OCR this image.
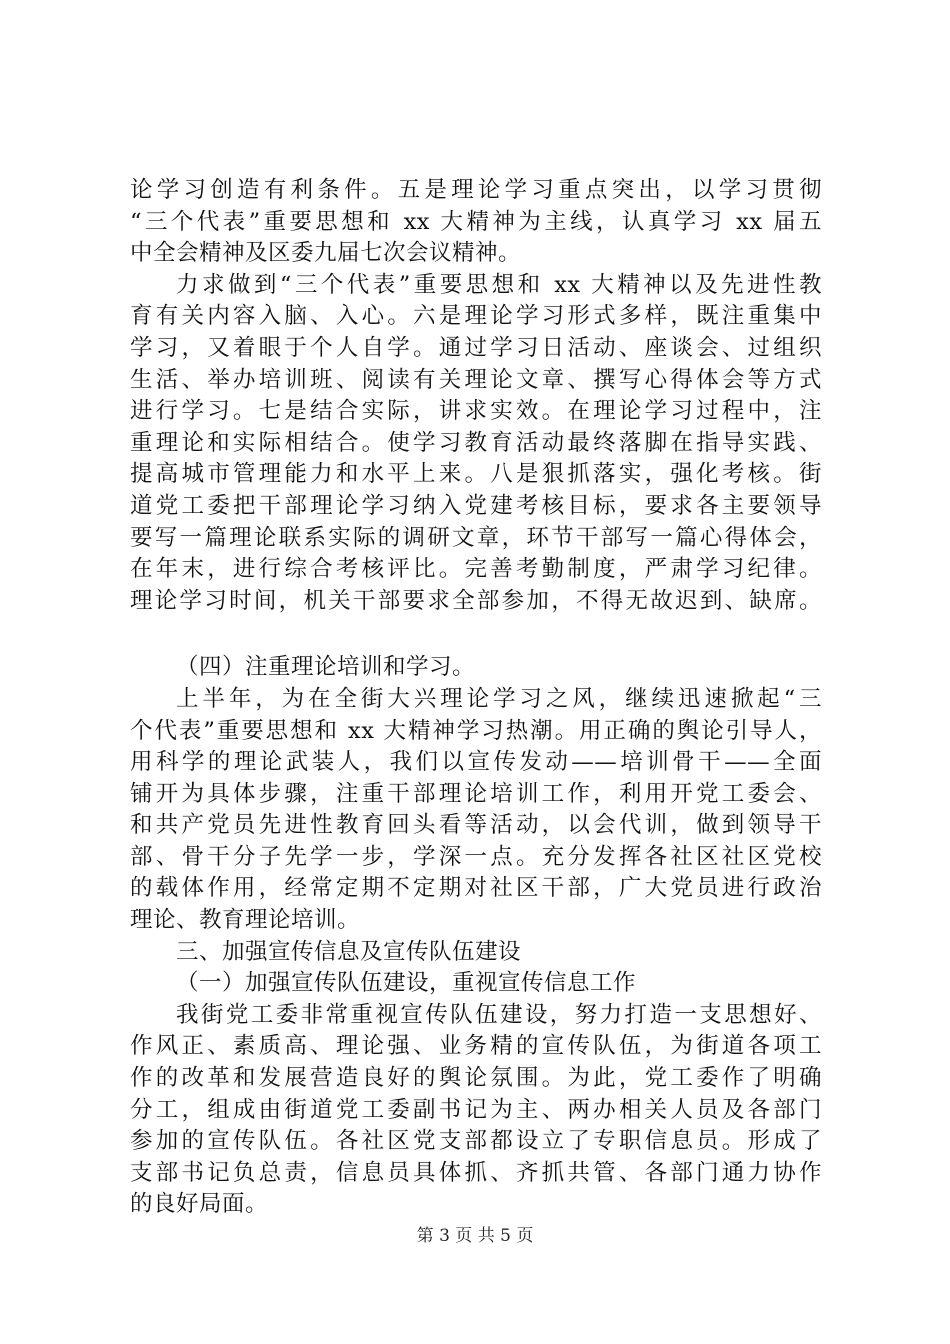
论学习创造有利条件。五是理论学习重点突出，以学习贯彻
“三个代表”重要思想和 xx 大精神为主线，认真学习 xx 届五
中全会精神及区委九届七次会议精神。
力求做到“三个代表”重要思想和 xx 大精神以及先进性教
育有关内容入脑、入心。六是理论学习形式多样，既注重集中
学习，又着眼于个人自学。通过学习日活动、座谈会、过组织
生活、举办培训班、阅读有关理论文章、撰写心得体会等方式
进行学习。七是结合实际，讲求实效。在理论学习过程中，注
重理论和实际相结合。使学习教育活动最终落脚在指导实践、
提高城市管理能力和水平上来。八是狠抓落实，强化考核。街
道党工委把干部理论学习纳入党建考核目标，要求各主要领导
要写一篇理论联系实际的调研文章，环节干部写一篇心得体会，
在年末，进行综合考核评比。完善考勤制度，严肃学习纪律。
理论学习时间，机关干部要求全部参加，不得无故迟到、缺席。
（四）注重理论培训和学习。
上半年，为在全街大兴理论学习之风，继续迅速掀起“三
个代表”重要思想和 xx 大精神学习热潮。用正确的舆论引导人，
用科学的理论武装人，我们以宣传发动——培训骨干——全面
铺开为具体步骤，注重干部理论培训工作，利用开党工委会、
和共产党员先进性教育回头看等活动，以会代训，做到领导干
部、骨干分子先学一步，学深一点。充分发挥各社区社区党校
的载体作用，经常定期不定期对社区干部，广大党员进行政治
理论、教育理论培训。
三、加强宣传信息及宣传队伍建设
（一）加强宣传队伍建设，重视宣传信息工作
我街党工委非常重视宣传队伍建设，努力打造一支思想好、
作风正、素质高、理论强、业务精的宣传队伍，为街道各项工
作的改革和发展营造良好的舆论氛围。为此，党工委作了明确
分工，组成由街道党工委副书记为主、两办相关人员及各部门
参加的宣传队伍。各社区党支部都设立了专职信息员。形成了
支部书记负总责，信息员具体抓、齐抓共管、各部门通力协作
的良好局面。
第 3 页 共 5 页
